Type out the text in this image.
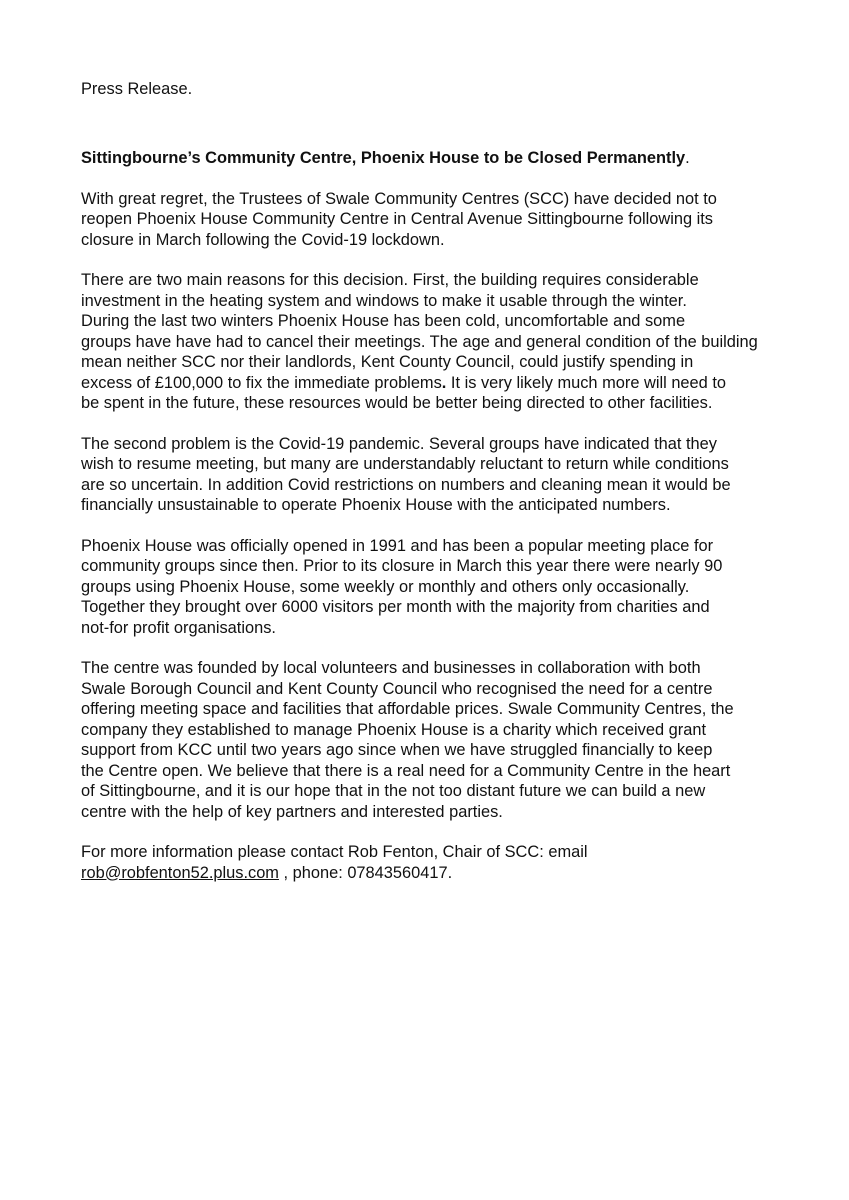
Press Release.
Sittingbourne’s Community Centre, Phoenix House to be Closed Permanently.

With great regret, the Trustees of Swale Community Centres (SCC) have decided not to
reopen Phoenix House Community Centre in Central Avenue Sittingbourne following its
closure in March following the Covid-19 lockdown.

There are two main reasons for this decision. First, the building requires considerable
investment in the heating system and windows to make it usable through the winter.
During the last two winters Phoenix House has been cold, uncomfortable and some
groups have have had to cancel their meetings. The age and general condition of the building
mean neither SCC nor their landlords, Kent County Council, could justify spending in
excess of £100,000 to fix the immediate problems. It is very likely much more will need to
be spent in the future, these resources would be better being directed to other facilities.

The second problem is the Covid-19 pandemic. Several groups have indicated that they
wish to resume meeting, but many are understandably reluctant to return while conditions
are so uncertain. In addition Covid restrictions on numbers and cleaning mean it would be
financially unsustainable to operate Phoenix House with the anticipated numbers.

Phoenix House was officially opened in 1991 and has been a popular meeting place for
community groups since then. Prior to its closure in March this year there were nearly 90
groups using Phoenix House, some weekly or monthly and others only occasionally.
Together they brought over 6000 visitors per month with the majority from charities and
not-for profit organisations.

The centre was founded by local volunteers and businesses in collaboration with both
Swale Borough Council and Kent County Council who recognised the need for a centre
offering meeting space and facilities that affordable prices. Swale Community Centres, the
company they established to manage Phoenix House is a charity which received grant
support from KCC until two years ago since when we have struggled financially to keep
the Centre open. We believe that there is a real need for a Community Centre in the heart
of Sittingbourne, and it is our hope that in the not too distant future we can build a new
centre with the help of key partners and interested parties.

For more information please contact Rob Fenton, Chair of SCC: email
rob@robfenton52.plus.com , phone: 07843560417.
